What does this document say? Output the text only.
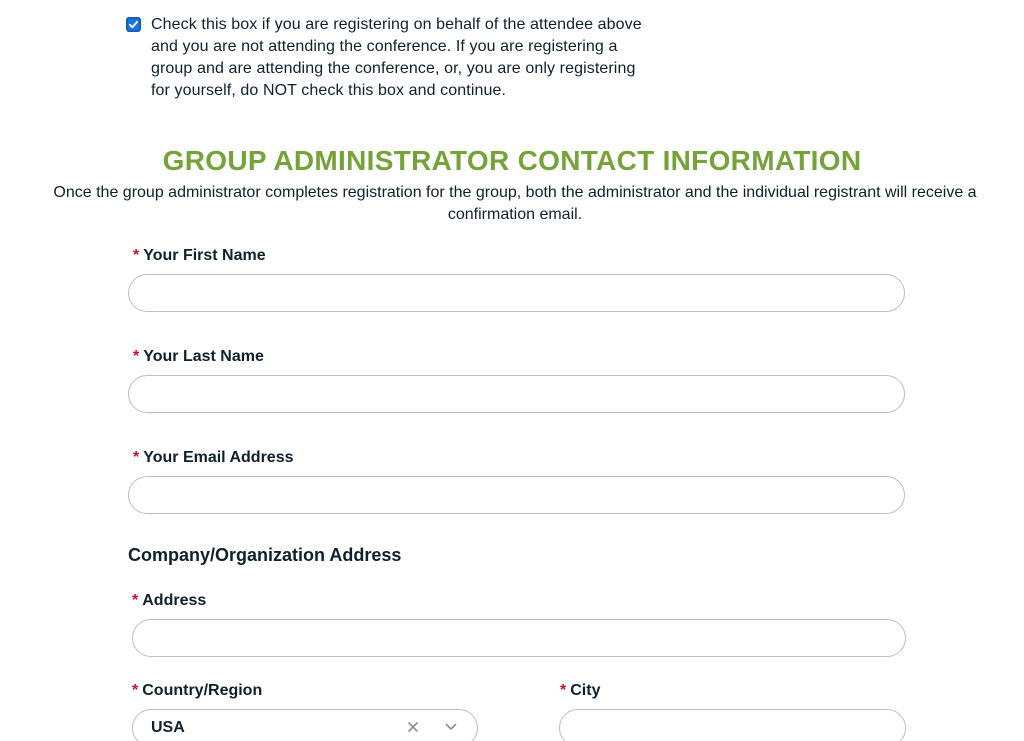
Check this box if you are registering on behalf of the attendee above and you are not attending the conference. If you are registering a group and are attending the conference, or, you are only registering for yourself, do NOT check this box and continue.
GROUP ADMINISTRATOR CONTACT INFORMATION
Once the group administrator completes registration for the group, both the administrator and the individual registrant will receive a confirmation email.
* Your First Name
* Your Last Name
* Your Email Address
Company/Organization Address
* Address
* Country/Region
USA
* City
